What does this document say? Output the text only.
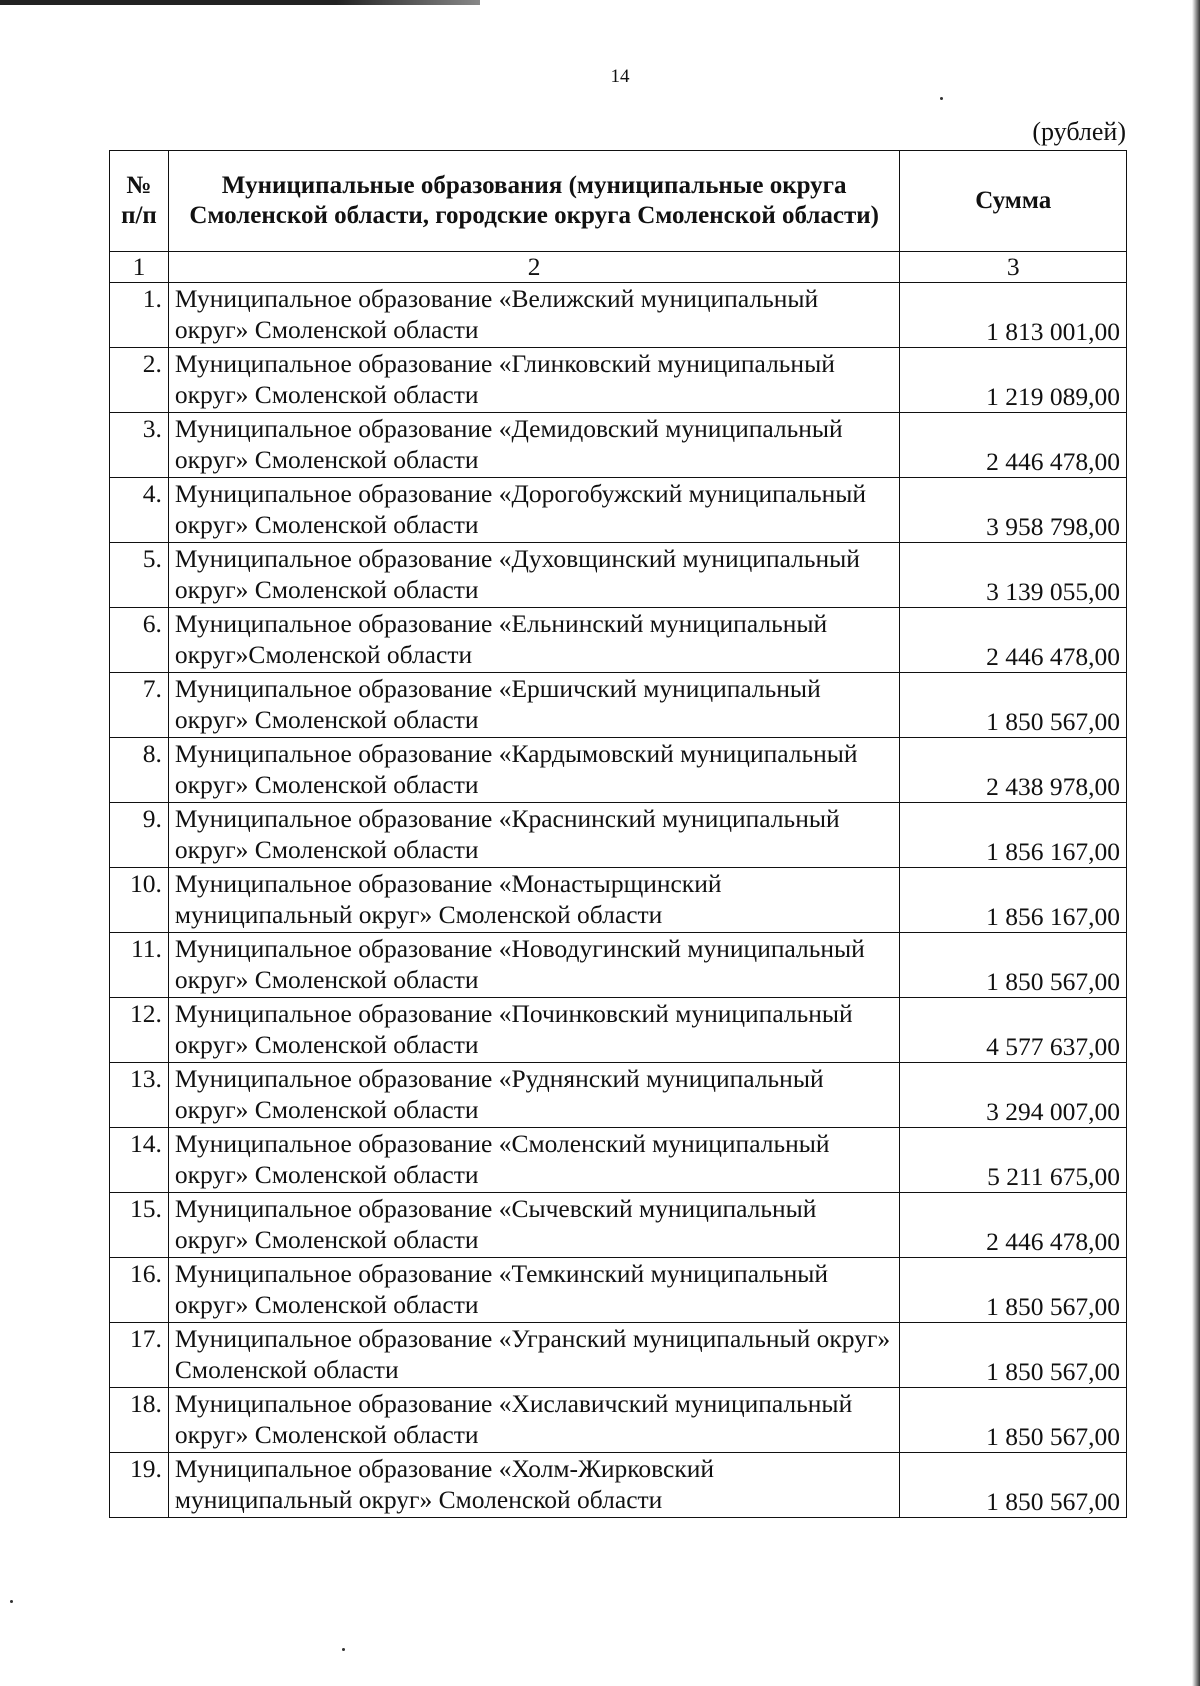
14
(рублей)
№ п/п	Муниципальные образования (муниципальные округа Смоленской области, городские округа Смоленской области)	Сумма
1	2	3
1.	Муниципальное образование «Велижский муниципальный округ» Смоленской области	1 813 001,00
2.	Муниципальное образование «Глинковский муниципальный округ» Смоленской области	1 219 089,00
3.	Муниципальное образование «Демидовский муниципальный округ» Смоленской области	2 446 478,00
4.	Муниципальное образование «Дорогобужский муниципальный округ» Смоленской области	3 958 798,00
5.	Муниципальное образование «Духовщинский муниципальный округ» Смоленской области	3 139 055,00
6.	Муниципальное образование «Ельнинский муниципальный округ»Смоленской области	2 446 478,00
7.	Муниципальное образование «Ершичский муниципальный округ» Смоленской области	1 850 567,00
8.	Муниципальное образование «Кардымовский муниципальный округ» Смоленской области	2 438 978,00
9.	Муниципальное образование «Краснинский муниципальный округ» Смоленской области	1 856 167,00
10.	Муниципальное образование «Монастырщинский муниципальный округ» Смоленской области	1 856 167,00
11.	Муниципальное образование «Новодугинский муниципальный округ» Смоленской области	1 850 567,00
12.	Муниципальное образование «Починковский муниципальный округ» Смоленской области	4 577 637,00
13.	Муниципальное образование «Руднянский муниципальный округ» Смоленской области	3 294 007,00
14.	Муниципальное образование «Смоленский муниципальный округ» Смоленской области	5 211 675,00
15.	Муниципальное образование «Сычевский муниципальный округ» Смоленской области	2 446 478,00
16.	Муниципальное образование «Темкинский муниципальный округ» Смоленской области	1 850 567,00
17.	Муниципальное образование «Угранский муниципальный округ» Смоленской области	1 850 567,00
18.	Муниципальное образование «Хиславичский муниципальный округ» Смоленской области	1 850 567,00
19.	Муниципальное образование «Холм-Жирковский муниципальный округ» Смоленской области	1 850 567,00
